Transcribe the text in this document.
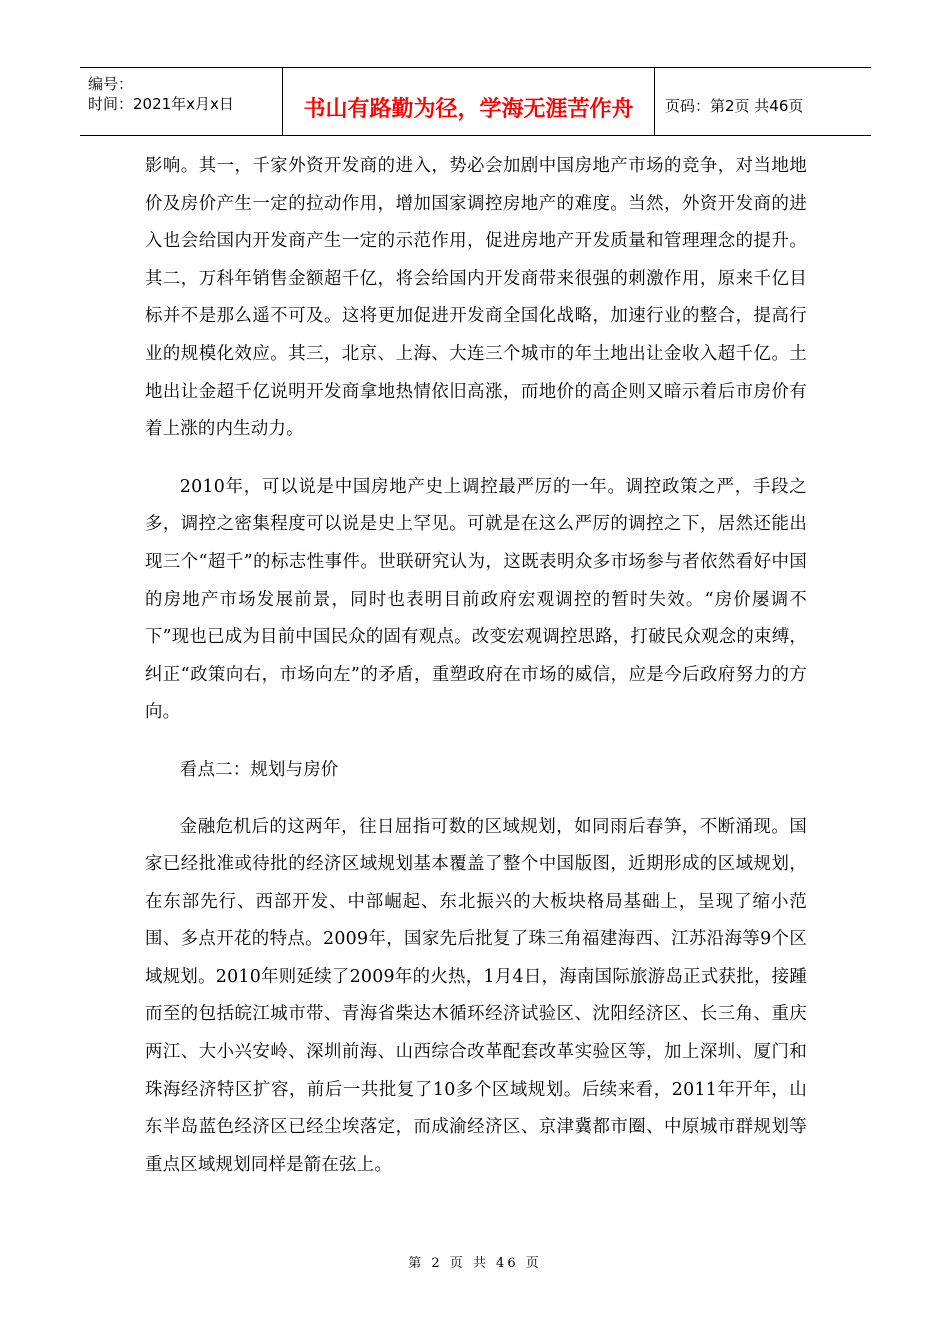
编号：
时间：2021年x月x日	书山有路勤为径，学海无涯苦作舟	页码：第2页 共46页

影响。其一，千家外资开发商的进入，势必会加剧中国房地产市场的竞争，对当地地价及房价产生一定的拉动作用，增加国家调控房地产的难度。当然，外资开发商的进入也会给国内开发商产生一定的示范作用，促进房地产开发质量和管理理念的提升。其二，万科年销售金额超千亿，将会给国内开发商带来很强的刺激作用，原来千亿目标并不是那么遥不可及。这将更加促进开发商全国化战略，加速行业的整合，提高行业的规模化效应。其三，北京、上海、大连三个城市的年土地出让金收入超千亿。土地出让金超千亿说明开发商拿地热情依旧高涨，而地价的高企则又暗示着后市房价有着上涨的内生动力。

2010年，可以说是中国房地产史上调控最严厉的一年。调控政策之严，手段之多，调控之密集程度可以说是史上罕见。可就是在这么严厉的调控之下，居然还能出现三个“超千”的标志性事件。世联研究认为，这既表明众多市场参与者依然看好中国的房地产市场发展前景，同时也表明目前政府宏观调控的暂时失效。“房价屡调不下”现也已成为目前中国民众的固有观点。改变宏观调控思路，打破民众观念的束缚，纠正“政策向右，市场向左”的矛盾，重塑政府在市场的威信，应是今后政府努力的方向。

看点二：规划与房价

金融危机后的这两年，往日屈指可数的区域规划，如同雨后春笋，不断涌现。国家已经批准或待批的经济区域规划基本覆盖了整个中国版图，近期形成的区域规划，在东部先行、西部开发、中部崛起、东北振兴的大板块格局基础上，呈现了缩小范围、多点开花的特点。2009年，国家先后批复了珠三角福建海西、江苏沿海等9个区域规划。2010年则延续了2009年的火热，1月4日，海南国际旅游岛正式获批，接踵而至的包括皖江城市带、青海省柴达木循环经济试验区、沈阳经济区、长三角、重庆两江、大小兴安岭、深圳前海、山西综合改革配套改革实验区等，加上深圳、厦门和珠海经济特区扩容，前后一共批复了10多个区域规划。后续来看，2011年开年，山东半岛蓝色经济区已经尘埃落定，而成渝经济区、京津冀都市圈、中原城市群规划等重点区域规划同样是箭在弦上。

第 2 页 共 46 页
